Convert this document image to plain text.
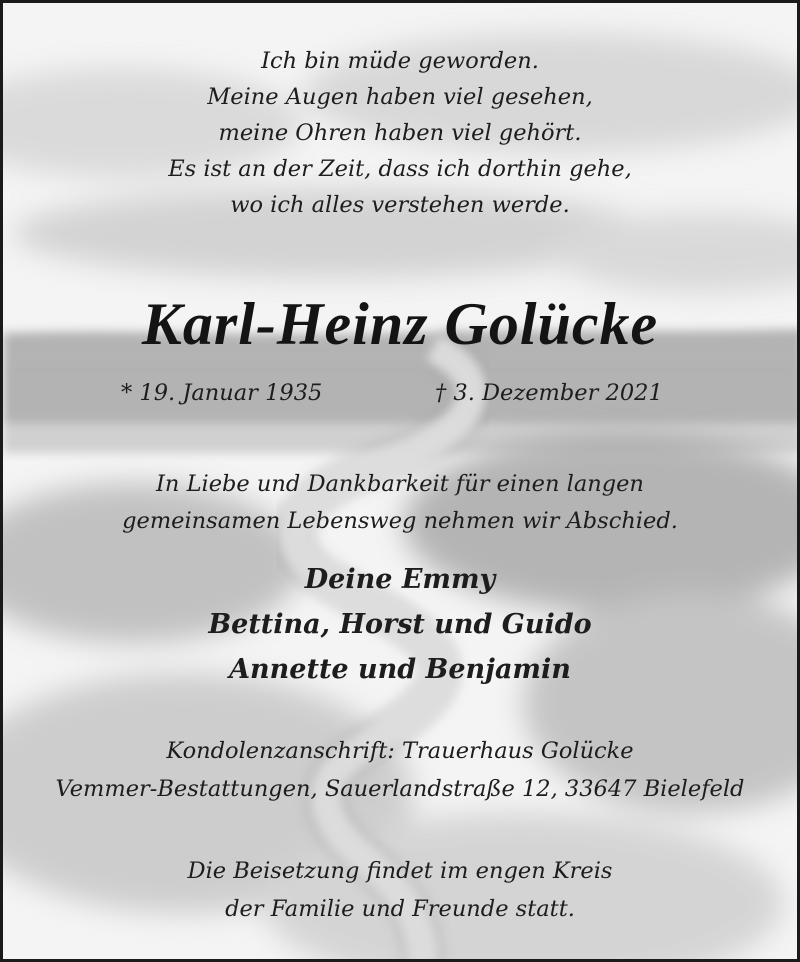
Ich bin müde geworden.
Meine Augen haben viel gesehen,
meine Ohren haben viel gehört.
Es ist an der Zeit, dass ich dorthin gehe,
wo ich alles verstehen werde.
Karl-Heinz Golücke
* 19. Januar 1935	† 3. Dezember 2021
In Liebe und Dankbarkeit für einen langen
gemeinsamen Lebensweg nehmen wir Abschied.
Deine Emmy
Bettina, Horst und Guido
Annette und Benjamin
Kondolenzanschrift: Trauerhaus Golücke
Vemmer-Bestattungen, Sauerlandstraße 12, 33647 Bielefeld
Die Beisetzung findet im engen Kreis
der Familie und Freunde statt.
